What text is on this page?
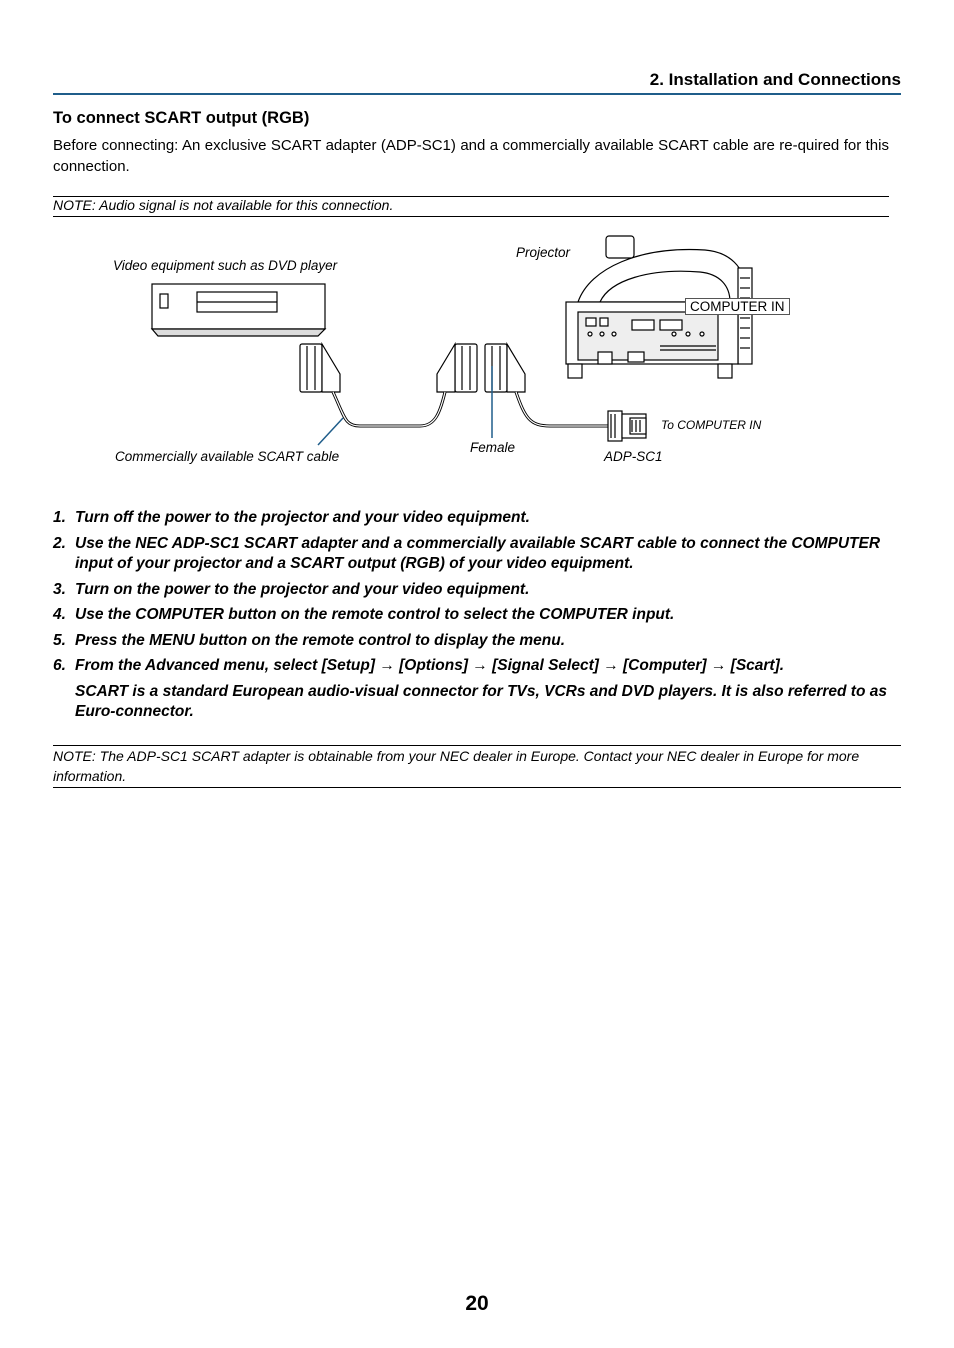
2. Installation and Connections
To connect SCART output (RGB)
Before connecting: An exclusive SCART adapter (ADP-SC1) and a commercially available SCART cable are re-quired for this connection.
NOTE: Audio signal is not available for this connection.
Video equipment such as DVD player
Projector
COMPUTER IN
To COMPUTER IN
Female
Commercially available SCART cable	ADP-SC1
1. Turn off the power to the projector and your video equipment.
2. Use the NEC ADP-SC1 SCART adapter and a commercially available SCART cable to connect the COMPUTER input of your projector and a SCART output (RGB) of your video equipment.
3. Turn on the power to the projector and your video equipment.
4. Use the COMPUTER button on the remote control to select the COMPUTER input.
5. Press the MENU button on the remote control to display the menu.
6. From the Advanced menu, select [Setup] → [Options] → [Signal Select] → [Computer] → [Scart].
SCART is a standard European audio-visual connector for TVs, VCRs and DVD players. It is also referred to as Euro-connector.
NOTE: The ADP-SC1 SCART adapter is obtainable from your NEC dealer in Europe. Contact your NEC dealer in Europe for more information.
20
